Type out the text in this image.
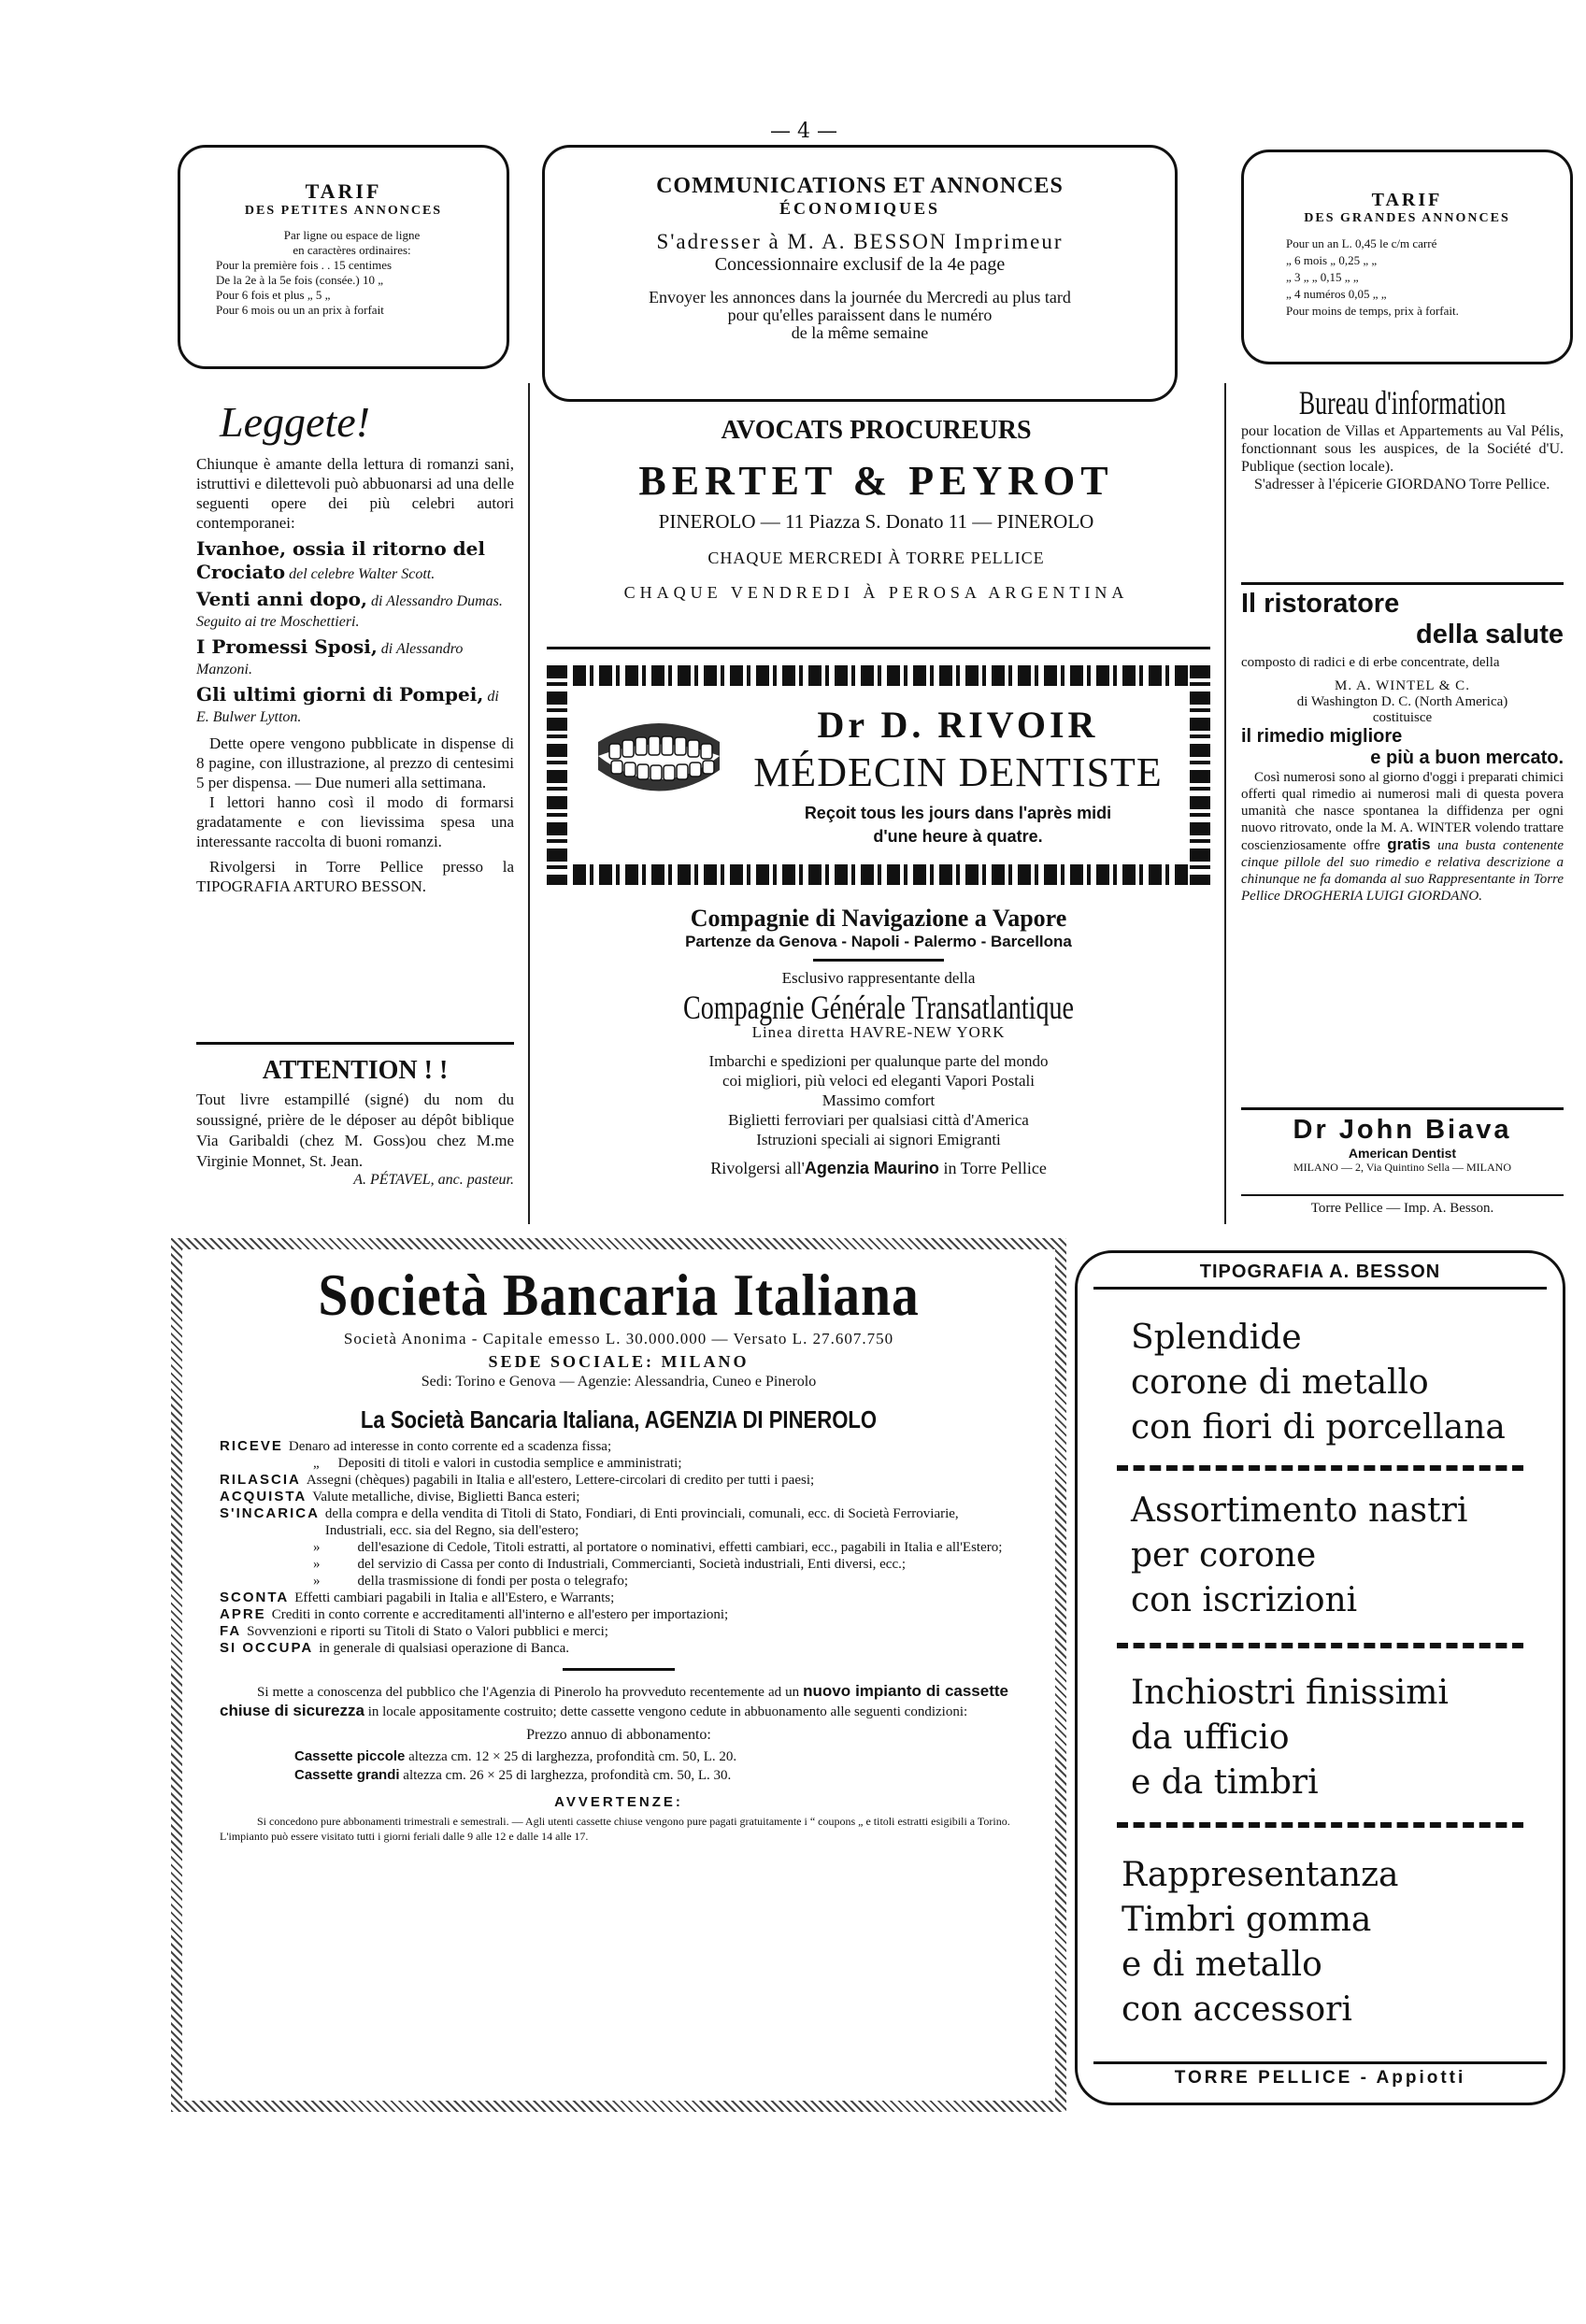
— 4 —
TARIF
DES PETITES ANNONCES
Par ligne ou espace de ligne
en caractères ordinaires:
Pour la première fois . . 15 centimes
De la 2e à la 5e fois (consée.) 10 „
Pour 6 fois et plus „ 5 „
Pour 6 mois ou un an prix à forfait
COMMUNICATIONS ET ANNONCES
ÉCONOMIQUES
S'adresser à M. A. BESSON Imprimeur
Concessionnaire exclusif de la 4e page
Envoyer les annonces dans la journée du Mercredi au plus tard
pour qu'elles paraissent dans le numéro
de la même semaine
TARIF
DES GRANDES ANNONCES
Pour un an L. 0,45 le c/m carré
„ 6 mois „ 0,25 „ „
„ 3 „ „ 0,15 „ „
„ 4 numéros 0,05 „ „
Pour moins de temps, prix à forfait.
Leggete!
Chiunque è amante della lettura di romanzi sani, istruttivi e dilettevoli può abbuonarsi ad una delle seguenti opere dei più celebri autori contemporanei:
Ivanhoe, ossia il ritorno del Crociato del celebre Walter Scott.
Venti anni dopo, di Alessandro Dumas. Seguito ai tre Moschettieri.
I Promessi Sposi, di Alessandro Manzoni.
Gli ultimi giorni di Pompei, di E. Bulwer Lytton.
Dette opere vengono pubblicate in dispense di 8 pagine, con illustrazione, al prezzo di centesimi 5 per dispensa. — Due numeri alla settimana.
I lettori hanno così il modo di formarsi gradatamente e con lievissima spesa una interessante raccolta di buoni romanzi.
Rivolgersi in Torre Pellice presso la TIPOGRAFIA ARTURO BESSON.
ATTENTION ! !
Tout livre estampillé (signé) du nom du soussigné, prière de le déposer au dépôt biblique Via Garibaldi (chez M. Goss)ou chez M.me Virginie Monnet, St. Jean.
A. PÉTAVEL, anc. pasteur.
AVOCATS PROCUREURS
BERTET & PEYROT
PINEROLO — 11 Piazza S. Donato 11 — PINEROLO
CHAQUE MERCREDI À TORRE PELLICE
CHAQUE VENDREDI À PEROSA ARGENTINA
Dr D. RIVOIR
MÉDECIN DENTISTE
Reçoit tous les jours dans l'après midi
d'une heure à quatre.
Compagnie di Navigazione a Vapore
Partenze da Genova - Napoli - Palermo - Barcellona
Esclusivo rappresentante della
Compagnie Générale Transatlantique
Linea diretta HAVRE-NEW YORK
Imbarchi e spedizioni per qualunque parte del mondo
coi migliori, più veloci ed eleganti Vapori Postali
Massimo comfort
Biglietti ferroviari per qualsiasi città d'America
Istruzioni speciali ai signori Emigranti
Rivolgersi all'Agenzia Maurino in Torre Pellice
Bureau d'information
pour location de Villas et Appartements au Val Pélis, fonctionnant sous les auspices, de la Société d'U. Publique (section locale).
S'adresser à l'épicerie GIORDANO Torre Pellice.
Il ristoratore
della salute
composto di radici e di erbe concentrate, della
M. A. WINTEL & C.
di Washington D. C. (North America)
costituisce
il rimedio migliore
e più a buon mercato.
Così numerosi sono al giorno d'oggi i preparati chimici offerti qual rimedio ai numerosi mali di questa povera umanità che nasce spontanea la diffidenza per ogni nuovo ritrovato, onde la M. A. WINTER volendo trattare coscienziosamente offre gratis una busta contenente cinque pillole del suo rimedio e relativa descrizione a chinunque ne fa domanda al suo Rappresentante in Torre Pellice DROGHERIA LUIGI GIORDANO.
Dr John Biava
American Dentist
MILANO — 2, Via Quintino Sella — MILANO
Torre Pellice — Imp. A. Besson.
Società Bancaria Italiana
Società Anonima - Capitale emesso L. 30.000.000 — Versato L. 27.607.750
SEDE SOCIALE: MILANO
Sedi: Torino e Genova — Agenzie: Alessandria, Cuneo e Pinerolo
La Società Bancaria Italiana, AGENZIA DI PINEROLO
RICEVE Denaro ad interesse in conto corrente ed a scadenza fissa;
„ Depositi di titoli e valori in custodia semplice e amministrati;
RILASCIA Assegni (chèques) pagabili in Italia e all'estero, Lettere-circolari di credito per tutti i paesi;
ACQUISTA Valute metalliche, divise, Biglietti Banca esteri;
S'INCARICA della compra e della vendita di Titoli di Stato, Fondiari, di Enti provinciali, comunali, ecc. di Società Ferroviarie, Industriali, ecc. sia del Regno, sia dell'estero;
»	dell'esazione di Cedole, Titoli estratti, al portatore o nominativi, effetti cambiari, ecc., pagabili in Italia e all'Estero;
»	del servizio di Cassa per conto di Industriali, Commercianti, Società industriali, Enti diversi, ecc.;
»	della trasmissione di fondi per posta o telegrafo;
SCONTA Effetti cambiari pagabili in Italia e all'Estero, e Warrants;
APRE Crediti in conto corrente e accreditamenti all'interno e all'estero per importazioni;
FA Sovvenzioni e riporti su Titoli di Stato o Valori pubblici e merci;
SI OCCUPA in generale di qualsiasi operazione di Banca.
Si mette a conoscenza del pubblico che l'Agenzia di Pinerolo ha provveduto recentemente ad un nuovo impianto di cassette chiuse di sicurezza in locale appositamente costruito; dette cassette vengono cedute in abbuonamento alle seguenti condizioni:
Prezzo annuo di abbonamento:
Cassette piccole altezza cm. 12 × 25 di larghezza, profondità cm. 50, L. 20.
Cassette grandi altezza cm. 26 × 25 di larghezza, profondità cm. 50, L. 30.
AVVERTENZE:
Si concedono pure abbonamenti trimestrali e semestrali. — Agli utenti cassette chiuse vengono pure pagati gratuitamente i “ coupons „ e titoli estratti esigibili a Torino.
L'impianto può essere visitato tutti i giorni feriali dalle 9 alle 12 e dalle 14 alle 17.
TIPOGRAFIA A. BESSON
Splendide
corone di metallo
con fiori di porcellana
Assortimento nastri
per corone
con iscrizioni
Inchiostri finissimi
da ufficio
e da timbri
Rappresentanza
Timbri gomma
e di metallo
con accessori
TORRE PELLICE - Appiotti
